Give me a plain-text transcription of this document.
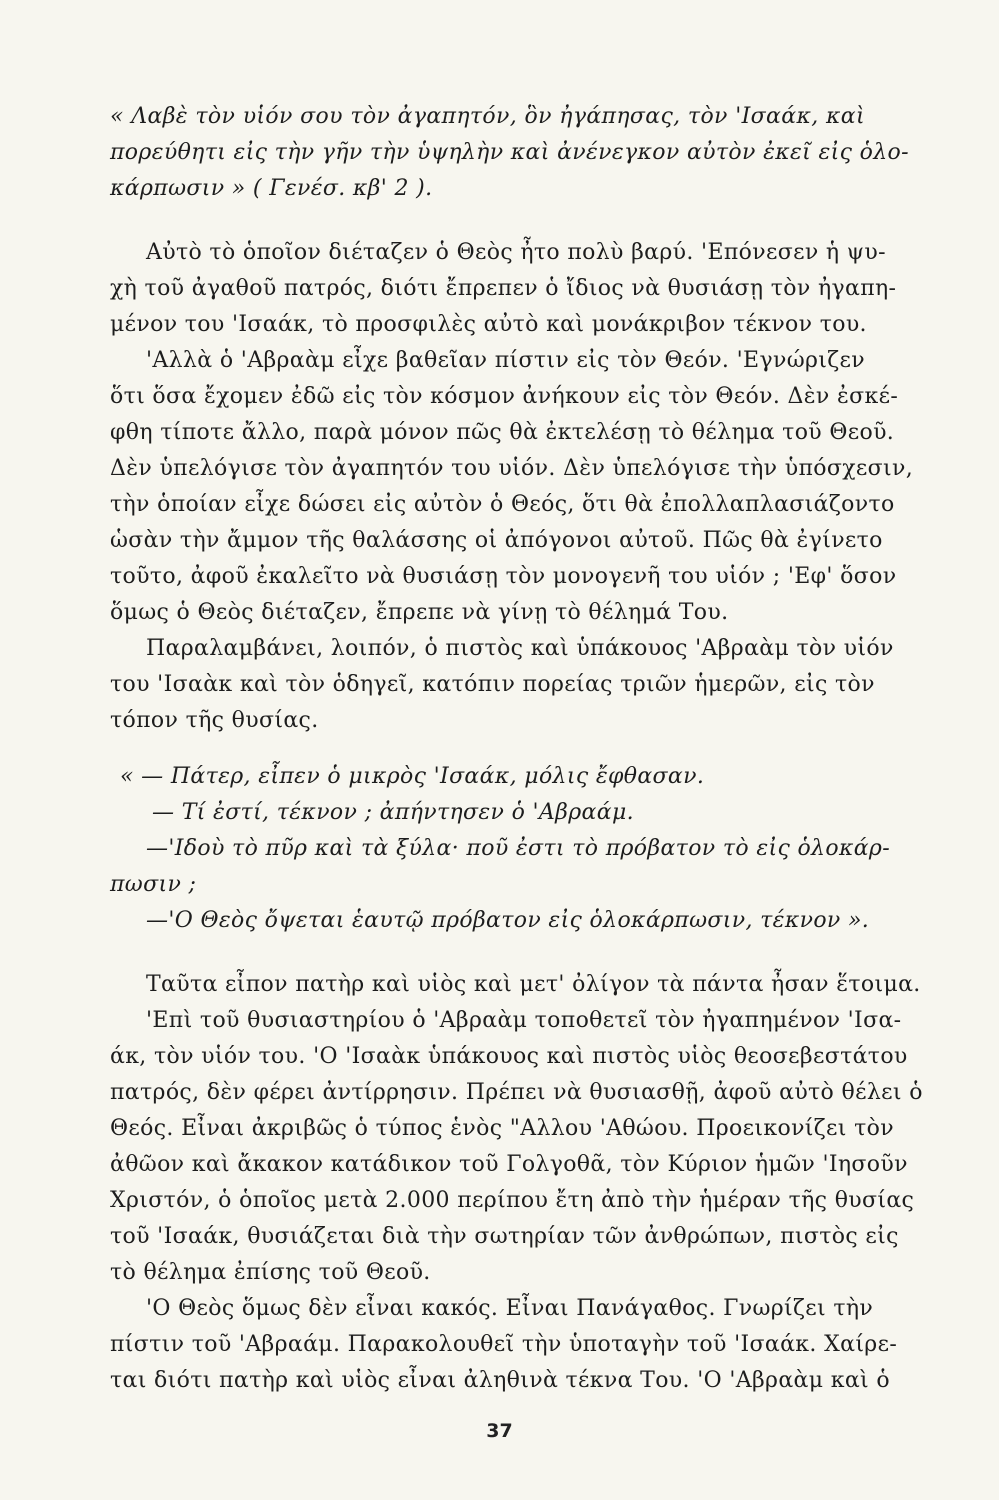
« Λαβὲ τὸν υἱόν σου τὸν ἀγαπητόν, ὃν ἠγάπησας, τὸν 'Ισαάκ, καὶ
πορεύθητι εἰς τὴν γῆν τὴν ὑψηλὴν καὶ ἀνένεγκον αὐτὸν ἐκεῖ εἰς ὁλο-
κάρπωσιν » ( Γενέσ. κβ' 2 ).
Αὐτὸ τὸ ὁποῖον διέταζεν ὁ Θεὸς ἦτο πολὺ βαρύ. 'Επόνεσεν ἡ ψυ-
χὴ τοῦ ἀγαθοῦ πατρός, διότι ἔπρεπεν ὁ ἴδιος νὰ θυσιάσῃ τὸν ἠγαπη-
μένον του 'Ισαάκ, τὸ προσφιλὲς αὐτὸ καὶ μονάκριβον τέκνον του.
'Αλλὰ ὁ 'Αβραὰμ εἶχε βαθεῖαν πίστιν εἰς τὸν Θεόν. 'Εγνώριζεν
ὅτι ὅσα ἔχομεν ἐδῶ εἰς τὸν κόσμον ἀνήκουν εἰς τὸν Θεόν. Δὲν ἐσκέ-
φθη τίποτε ἄλλο, παρὰ μόνον πῶς θὰ ἐκτελέσῃ τὸ θέλημα τοῦ Θεοῦ.
Δὲν ὑπελόγισε τὸν ἀγαπητόν του υἱόν. Δὲν ὑπελόγισε τὴν ὑπόσχεσιν,
τὴν ὁποίαν εἶχε δώσει εἰς αὐτὸν ὁ Θεός, ὅτι θὰ ἐπολλαπλασιάζοντο
ὡσὰν τὴν ἄμμον τῆς θαλάσσης οἱ ἀπόγονοι αὐτοῦ. Πῶς θὰ ἐγίνετο
τοῦτο, ἀφοῦ ἐκαλεῖτο νὰ θυσιάσῃ τὸν μονογενῆ του υἱόν ; 'Εφ' ὅσον
ὅμως ὁ Θεὸς διέταζεν, ἔπρεπε νὰ γίνῃ τὸ θέλημά Του.
Παραλαμβάνει, λοιπόν, ὁ πιστὸς καὶ ὑπάκουος 'Αβραὰμ τὸν υἱόν
του 'Ισαὰκ καὶ τὸν ὁδηγεῖ, κατόπιν πορείας τριῶν ἡμερῶν, εἰς τὸν
τόπον τῆς θυσίας.
« — Πάτερ, εἶπεν ὁ μικρὸς 'Ισαάκ, μόλις ἔφθασαν.
— Τί ἐστί, τέκνον ; ἀπήντησεν ὁ 'Αβραάμ.
—'Ιδοὺ τὸ πῦρ καὶ τὰ ξύλα· ποῦ ἐστι τὸ πρόβατον τὸ εἰς ὁλοκάρ-
πωσιν ;
—'Ο Θεὸς ὄψεται ἑαυτῷ πρόβατον εἰς ὁλοκάρπωσιν, τέκνον ».
Ταῦτα εἶπον πατὴρ καὶ υἱὸς καὶ μετ' ὀλίγον τὰ πάντα ἦσαν ἕτοιμα.
'Επὶ τοῦ θυσιαστηρίου ὁ 'Αβραὰμ τοποθετεῖ τὸν ἠγαπημένον 'Ισα-
άκ, τὸν υἱόν του. 'Ο 'Ισαὰκ ὑπάκουος καὶ πιστὸς υἱὸς θεοσεβεστάτου
πατρός, δὲν φέρει ἀντίρρησιν. Πρέπει νὰ θυσιασθῇ, ἀφοῦ αὐτὸ θέλει ὁ
Θεός. Εἶναι ἀκριβῶς ὁ τύπος ἑνὸς "Αλλου 'Αθώου. Προεικονίζει τὸν
ἀθῶον καὶ ἄκακον κατάδικον τοῦ Γολγοθᾶ, τὸν Κύριον ἡμῶν 'Ιησοῦν
Χριστόν, ὁ ὁποῖος μετὰ 2.000 περίπου ἔτη ἀπὸ τὴν ἡμέραν τῆς θυσίας
τοῦ 'Ισαάκ, θυσιάζεται διὰ τὴν σωτηρίαν τῶν ἀνθρώπων, πιστὸς εἰς
τὸ θέλημα ἐπίσης τοῦ Θεοῦ.
'Ο Θεὸς ὅμως δὲν εἶναι κακός. Εἶναι Πανάγαθος. Γνωρίζει τὴν
πίστιν τοῦ 'Αβραάμ. Παρακολουθεῖ τὴν ὑποταγὴν τοῦ 'Ισαάκ. Χαίρε-
ται διότι πατὴρ καὶ υἱὸς εἶναι ἀληθινὰ τέκνα Του. 'Ο 'Αβραὰμ καὶ ὁ
37
